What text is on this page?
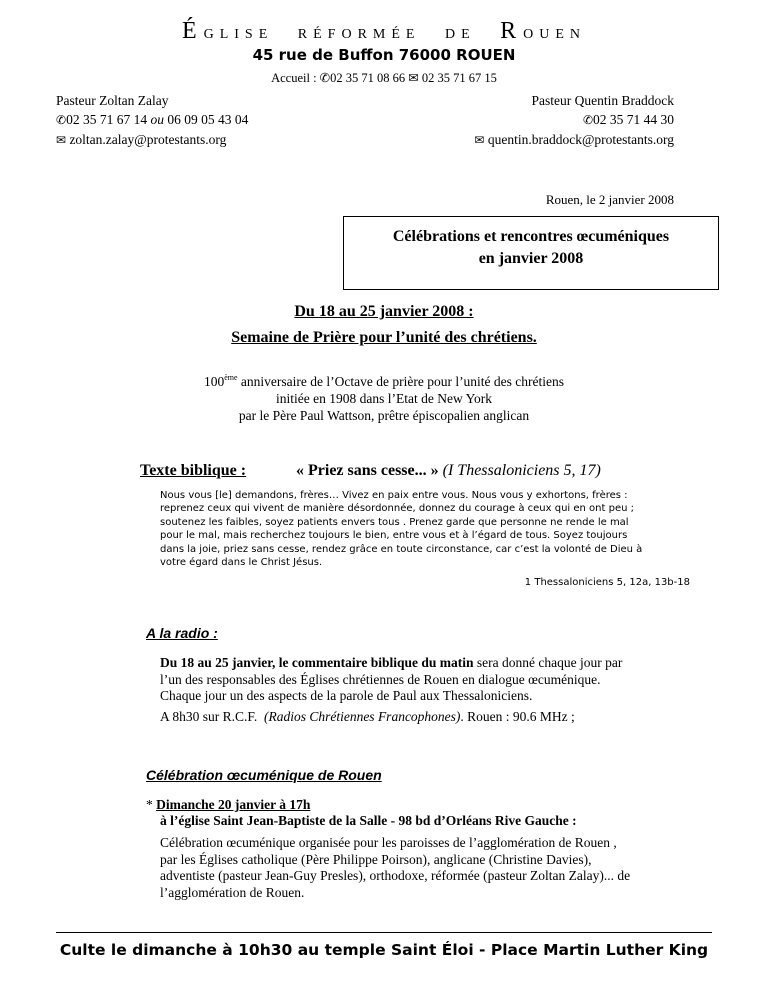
ÉGLISE RÉFORMÉE DE ROUEN
45 rue de Buffon 76000 ROUEN
Accueil : ✆02 35 71 08 66 ✉ 02 35 71 67 15
Pasteur Zoltan Zalay
✆02 35 71 67 14 ou 06 09 05 43 04
✉ zoltan.zalay@protestants.org
Pasteur Quentin Braddock
✆02 35 71 44 30
✉ quentin.braddock@protestants.org
Rouen, le 2 janvier 2008
Célébrations et rencontres œcuméniques
en janvier 2008
Du 18 au 25 janvier 2008 :
Semaine de Prière pour l’unité des chrétiens.
100ème anniversaire de l’Octave de prière pour l’unité des chrétiens
initiée en 1908 dans l’Etat de New York
par le Père Paul Wattson, prêtre épiscopalien anglican
Texte biblique :	« Priez sans cesse... » (I Thessaloniciens 5, 17)
Nous vous [le] demandons, frères… Vivez en paix entre vous. Nous vous y exhortons, frères :
reprenez ceux qui vivent de manière désordonnée, donnez du courage à ceux qui en ont peu ;
soutenez les faibles, soyez patients envers tous . Prenez garde que personne ne rende le mal
pour le mal, mais recherchez toujours le bien, entre vous et à l’égard de tous. Soyez toujours
dans la joie, priez sans cesse, rendez grâce en toute circonstance, car c’est la volonté de Dieu à
votre égard dans le Christ Jésus.
1 Thessaloniciens 5, 12a, 13b-18
A la radio :
Du 18 au 25 janvier, le commentaire biblique du matin sera donné chaque jour par
l’un des responsables des Églises chrétiennes de Rouen en dialogue œcuménique.
Chaque jour un des aspects de la parole de Paul aux Thessaloniciens.
A 8h30 sur R.C.F.  (Radios Chrétiennes Francophones). Rouen : 90.6 MHz ;
Célébration œcuménique de Rouen
* Dimanche 20 janvier à 17h
à l’église Saint Jean-Baptiste de la Salle - 98 bd d’Orléans Rive Gauche :
Célébration œcuménique organisée pour les paroisses de l’agglomération de Rouen ,
par les Églises catholique (Père Philippe Poirson), anglicane (Christine Davies),
adventiste (pasteur Jean-Guy Presles), orthodoxe, réformée (pasteur Zoltan Zalay)... de
l’agglomération de Rouen.
Culte le dimanche à 10h30 au temple Saint Éloi - Place Martin Luther King
